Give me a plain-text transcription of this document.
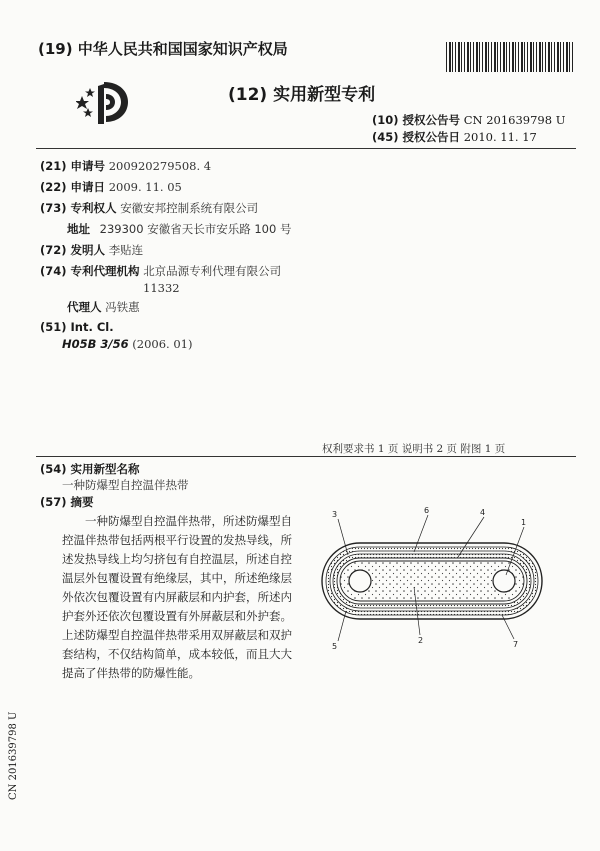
(19) 中华人民共和国国家知识产权局
(12) 实用新型专利
(10) 授权公告号 CN 201639798 U
(45) 授权公告日 2010. 11. 17
(21) 申请号 200920279508. 4
(22) 申请日 2009. 11. 05
(73) 专利权人 安徽安邦控制系统有限公司
地址 239300 安徽省天长市安乐路 100 号
(72) 发明人 李贴连
(74) 专利代理机构 北京品源专利代理有限公司
11332
代理人 冯铁惠
(51) Int. Cl.
H05B 3/56 (2006. 01)
权利要求书 1 页 说明书 2 页 附图 1 页
(54) 实用新型名称
一种防爆型自控温伴热带
(57) 摘要
一种防爆型自控温伴热带，所述防爆型自控温伴热带包括两根平行设置的发热导线，所述发热导线上均匀挤包有自控温层，所述自控温层外包覆设置有绝缘层，其中，所述绝缘层外依次包覆设置有内屏蔽层和内护套，所述内护套外还依次包覆设置有外屏蔽层和外护套。上述防爆型自控温伴热带采用双屏蔽层和双护套结构，不仅结构简单，成本较低，而且大大提高了伴热带的防爆性能。
3	6	4
1
5
2	7
CN 201639798 U
